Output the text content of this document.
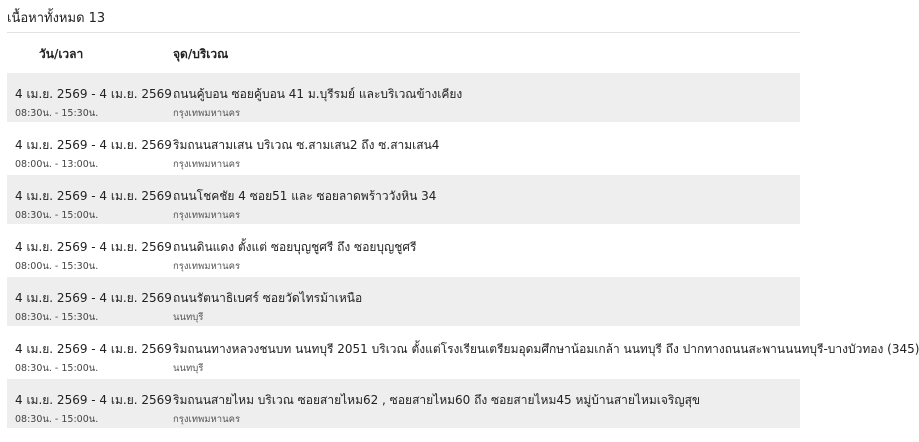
เนื้อหาทั้งหมด 13
วัน/เวลา	จุด/บริเวณ
4 เม.ย. 2569 - 4 เม.ย. 2569
08:30น. - 15:30น.
ถนนคู้บอน ซอยคู้บอน 41 ม.บุรีรมย์ และบริเวณข้างเคียง
กรุงเทพมหานคร
4 เม.ย. 2569 - 4 เม.ย. 2569
08:00น. - 13:00น.
ริมถนนสามเสน บริเวณ ซ.สามเสน2 ถึง ซ.สามเสน4
กรุงเทพมหานคร
4 เม.ย. 2569 - 4 เม.ย. 2569
08:30น. - 15:00น.
ถนนโชคชัย 4 ซอย51 และ ซอยลาดพร้าววังหิน 34
กรุงเทพมหานคร
4 เม.ย. 2569 - 4 เม.ย. 2569
08:00น. - 15:30น.
ถนนดินแดง ตั้งแต่ ซอยบุญชูศรี ถึง ซอยบุญชูศรี
กรุงเทพมหานคร
4 เม.ย. 2569 - 4 เม.ย. 2569
08:30น. - 15:30น.
ถนนรัตนาธิเบศร์ ซอยวัดไทรม้าเหนือ
นนทบุรี
4 เม.ย. 2569 - 4 เม.ย. 2569
08:30น. - 15:00น.
ริมถนนทางหลวงชนบท นนทบุรี 2051 บริเวณ ตั้งแต่โรงเรียนเตรียมอุดมศึกษาน้อมเกล้า นนทบุรี ถึง ปากทางถนนสะพานนนทบุรี-บางบัวทอง (345)
นนทบุรี
4 เม.ย. 2569 - 4 เม.ย. 2569
08:30น. - 15:00น.
ริมถนนสายไหม บริเวณ ซอยสายไหม62 , ซอยสายไหม60 ถึง ซอยสายไหม45 หมู่บ้านสายไหมเจริญสุข
กรุงเทพมหานคร
